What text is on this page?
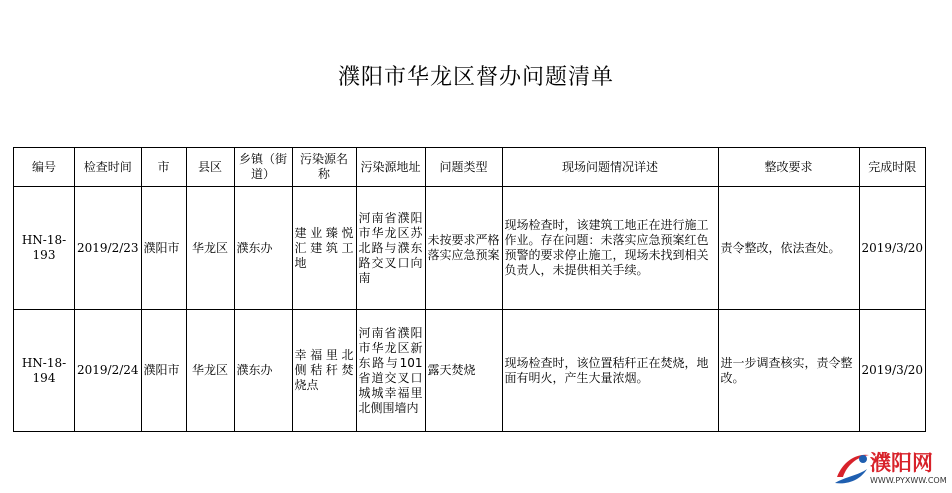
濮阳市华龙区督办问题清单
编号	检查时间	市	县区	乡镇（街道）	污染源名称	污染源地址	问题类型	现场问题情况详述	整改要求	完成时限
HN-18-193	2019/2/23	濮阳市	华龙区	濮东办	建业臻悦汇建筑工地	河南省濮阳市华龙区苏北路与濮东路交叉口向南	未按要求严格落实应急预案	现场检查时，该建筑工地正在进行施工作业。存在问题：未落实应急预案红色预警的要求停止施工，现场未找到相关负责人，未提供相关手续。	责令整改，依法查处。	2019/3/20
HN-18-194	2019/2/24	濮阳市	华龙区	濮东办	幸福里北侧秸秆焚烧点	河南省濮阳市华龙区新东路与101省道交叉口城城幸福里北侧围墙内	露天焚烧	现场检查时，该位置秸秆正在焚烧，地面有明火，产生大量浓烟。	进一步调查核实，责令整改。	2019/3/20
濮阳网
WWW.PYXWW.COM
